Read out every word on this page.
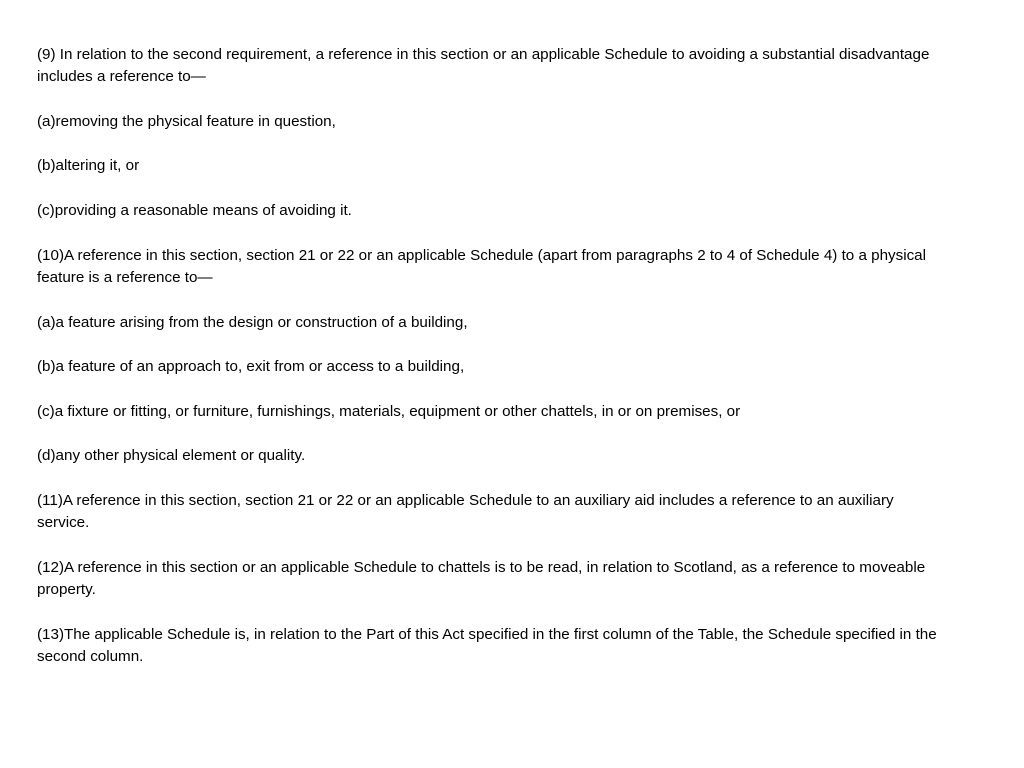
(9) In relation to the second requirement, a reference in this section or an applicable Schedule to avoiding a substantial disadvantage includes a reference to—

(a)removing the physical feature in question,

(b)altering it, or

(c)providing a reasonable means of avoiding it.

(10)A reference in this section, section 21 or 22 or an applicable Schedule (apart from paragraphs 2 to 4 of Schedule 4) to a physical feature is a reference to—

(a)a feature arising from the design or construction of a building,

(b)a feature of an approach to, exit from or access to a building,

(c)a fixture or fitting, or furniture, furnishings, materials, equipment or other chattels, in or on premises, or

(d)any other physical element or quality.

(11)A reference in this section, section 21 or 22 or an applicable Schedule to an auxiliary aid includes a reference to an auxiliary service.

(12)A reference in this section or an applicable Schedule to chattels is to be read, in relation to Scotland, as a reference to moveable property.

(13)The applicable Schedule is, in relation to the Part of this Act specified in the first column of the Table, the Schedule specified in the second column.
